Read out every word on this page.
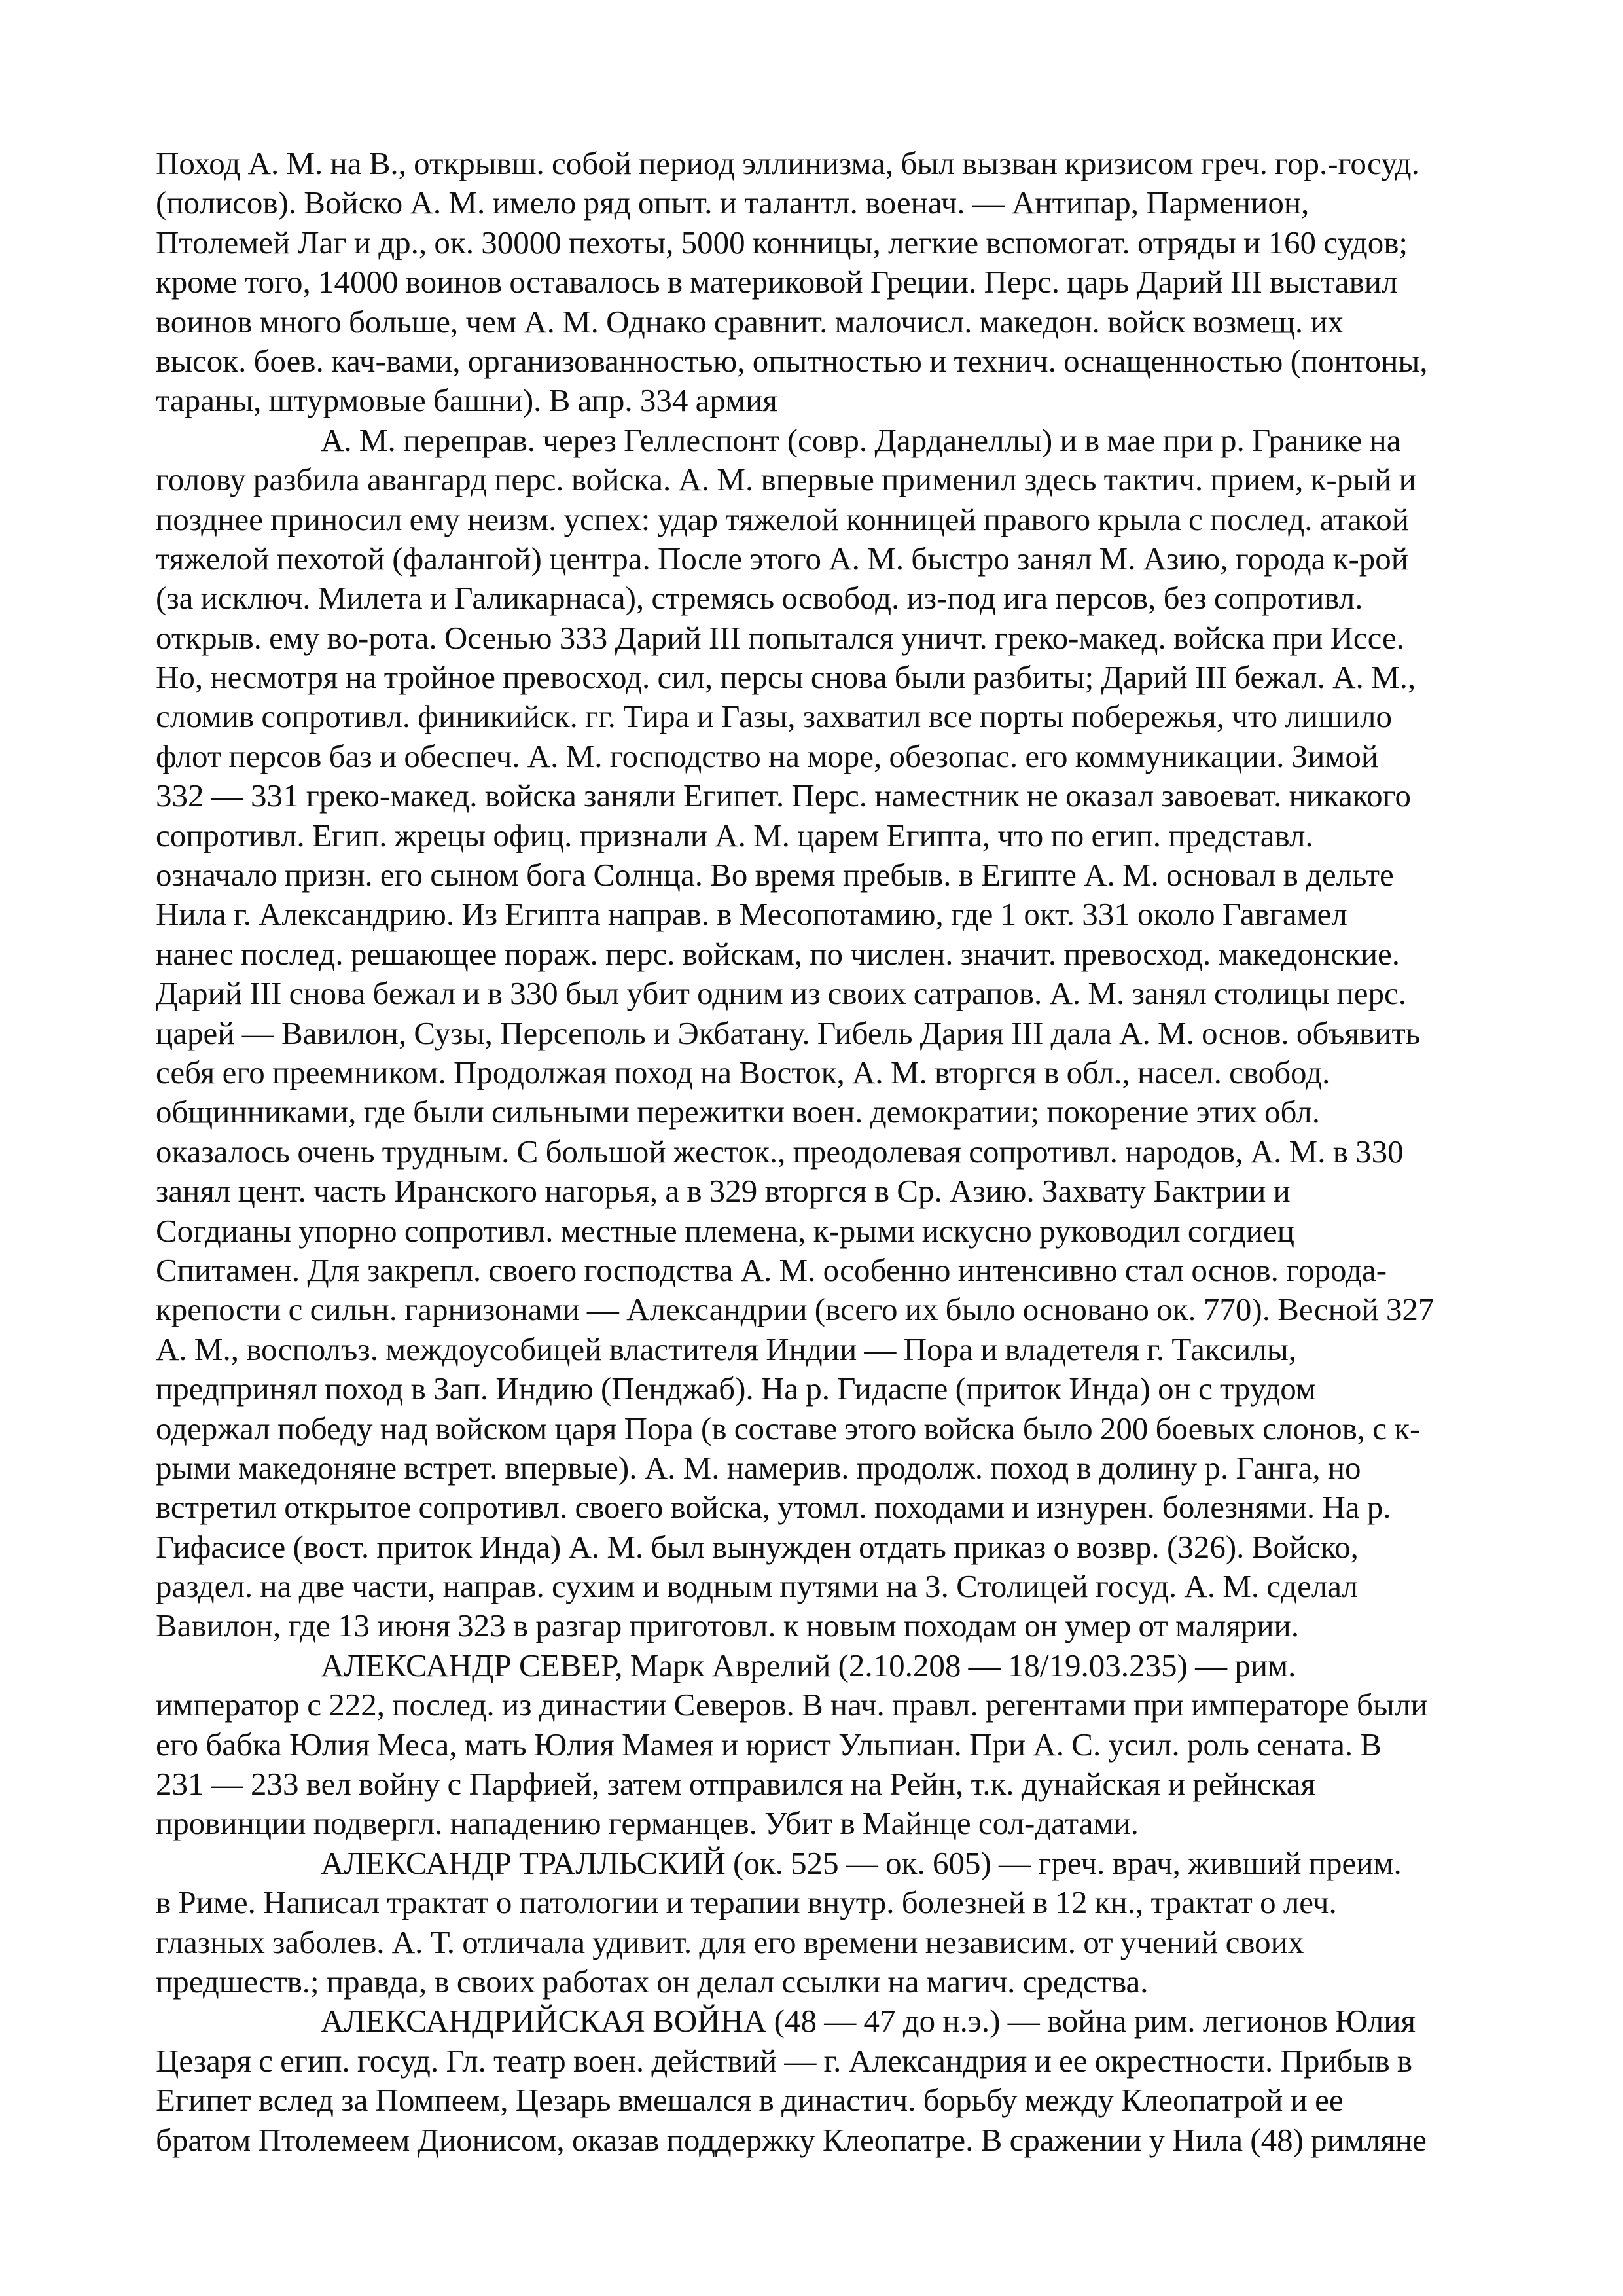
Поход А. М. на В., открывш. собой период эллинизма, был вызван кризисом греч. гор.-госуд.
(полисов). Войско А. М. имело ряд опыт. и талантл. военач. — Антипар, Парменион,
Птолемей Лаг и др., ок. 30000 пехоты, 5000 конницы, легкие вспомогат. отряды и 160 судов;
кроме того, 14000 воинов оставалось в материковой Греции. Перс. царь Дарий III выставил
воинов много больше, чем А. М. Однако сравнит. малочисл. македон. войск возмещ. их
высок. боев. кач-вами, организованностью, опытностью и технич. оснащенностью (понтоны,
тараны, штурмовые башни). В апр. 334 армия
А. М. переправ. через Геллеспонт (совр. Дарданеллы) и в мае при р. Гранике на
голову разбила авангард перс. войска. А. М. впервые применил здесь тактич. прием, к-рый и
позднее приносил ему неизм. успех: удар тяжелой конницей правого крыла с послед. атакой
тяжелой пехотой (фалангой) центра. После этого А. М. быстро занял М. Азию, города к-рой
(за исключ. Милета и Галикарнаса), стремясь освобод. из-под ига персов, без сопротивл.
открыв. ему во-рота. Осенью 333 Дарий III попытался уничт. греко-макед. войска при Иссе.
Но, несмотря на тройное превосход. сил, персы снова были разбиты; Дарий III бежал. А. М.,
сломив сопротивл. финикийск. гг. Тира и Газы, захватил все порты побережья, что лишило
флот персов баз и обеспеч. А. М. господство на море, обезопас. его коммуникации. Зимой
332 — 331 греко-макед. войска заняли Египет. Перс. наместник не оказал завоеват. никакого
сопротивл. Егип. жрецы офиц. признали А. М. царем Египта, что по егип. представл.
означало призн. его сыном бога Солнца. Во время пребыв. в Египте А. М. основал в дельте
Нила г. Александрию. Из Египта направ. в Месопотамию, где 1 окт. 331 около Гавгамел
нанес послед. решающее пораж. перс. войскам, по числен. значит. превосход. македонские.
Дарий III снова бежал и в 330 был убит одним из своих сатрапов. А. М. занял столицы перс.
царей — Вавилон, Сузы, Персеполь и Экбатану. Гибель Дария III дала А. М. основ. объявить
себя его преемником. Продолжая поход на Восток, А. М. вторгся в обл., насел. свобод.
общинниками, где были сильными пережитки воен. демократии; покорение этих обл.
оказалось очень трудным. С большой жесток., преодолевая сопротивл. народов, А. М. в 330
занял цент. часть Иранского нагорья, а в 329 вторгся в Ср. Азию. Захвату Бактрии и
Согдианы упорно сопротивл. местные племена, к-рыми искусно руководил согдиец
Спитамен. Для закрепл. своего господства А. М. особенно интенсивно стал основ. города-
крепости с сильн. гарнизонами — Александрии (всего их было основано ок. 770). Весной 327
А. М., восполъз. междоусобицей властителя Индии — Пора и владетеля г. Таксилы,
предпринял поход в Зап. Индию (Пенджаб). На р. Гидаспе (приток Инда) он с трудом
одержал победу над войском царя Пора (в составе этого войска было 200 боевых слонов, с к-
рыми македоняне встрет. впервые). А. М. намерив. продолж. поход в долину р. Ганга, но
встретил открытое сопротивл. своего войска, утомл. походами и изнурен. болезнями. На р.
Гифасисе (вост. приток Инда) А. М. был вынужден отдать приказ о возвр. (326). Войско,
раздел. на две части, направ. сухим и водным путями на З. Столицей госуд. А. М. сделал
Вавилон, где 13 июня 323 в разгар приготовл. к новым походам он умер от малярии.
АЛЕКСАНДР СЕВЕР, Марк Аврелий (2.10.208 — 18/19.03.235) — рим.
император с 222, послед. из династии Северов. В нач. правл. регентами при императоре были
его бабка Юлия Меса, мать Юлия Мамея и юрист Ульпиан. При А. С. усил. роль сената. В
231 — 233 вел войну с Парфией, затем отправился на Рейн, т.к. дунайская и рейнская
провинции подвергл. нападению германцев. Убит в Майнце сол-датами.
АЛЕКСАНДР ТРАЛЛЬСКИЙ (ок. 525 — ок. 605) — греч. врач, живший преим.
в Риме. Написал трактат о патологии и терапии внутр. болезней в 12 кн., трактат о леч.
глазных заболев. А. Т. отличала удивит. для его времени независим. от учений своих
предшеств.; правда, в своих работах он делал ссылки на магич. средства.
АЛЕКСАНДРИЙСКАЯ ВОЙНА (48 — 47 до н.э.) — война рим. легионов Юлия
Цезаря с егип. госуд. Гл. театр воен. действий — г. Александрия и ее окрестности. Прибыв в
Египет вслед за Помпеем, Цезарь вмешался в династич. борьбу между Клеопатрой и ее
братом Птолемеем Дионисом, оказав поддержку Клеопатре. В сражении у Нила (48) римляне
